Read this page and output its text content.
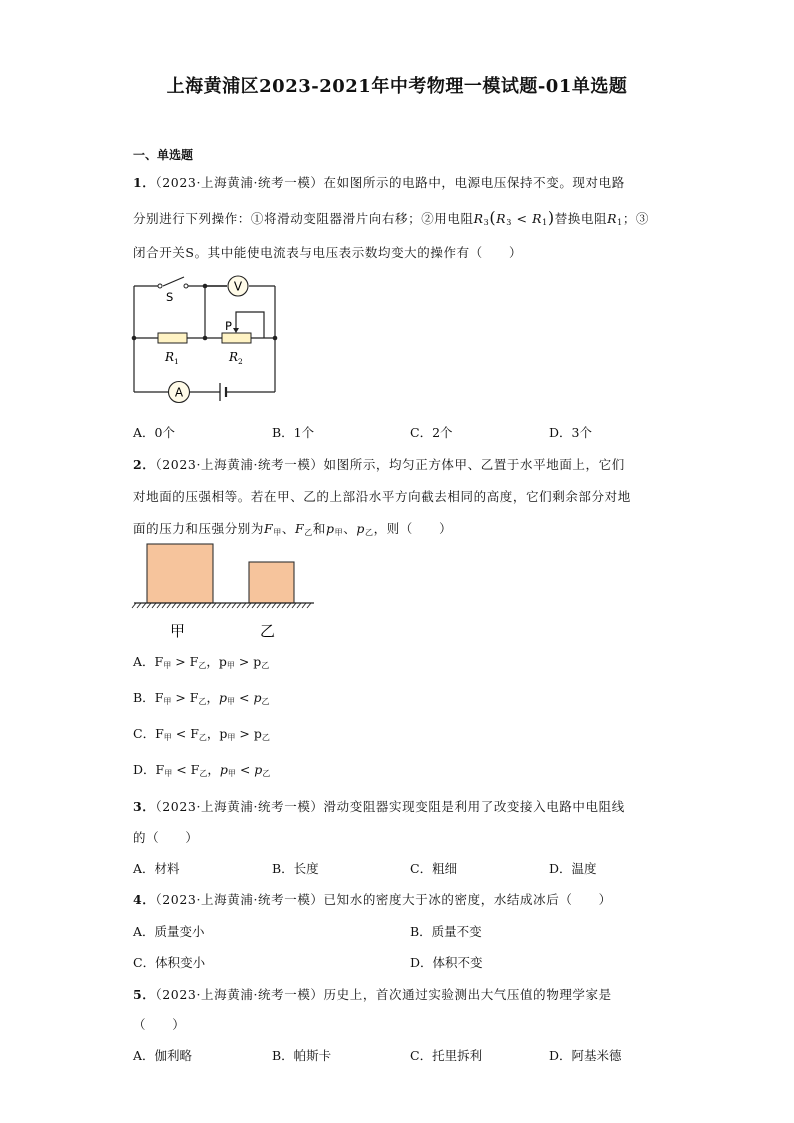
上海黄浦区2023-2021年中考物理一模试题-01单选题
一、单选题
1．（2023·上海黄浦·统考一模）在如图所示的电路中，电源电压保持不变。现对电路
分别进行下列操作：①将滑动变阻器滑片向右移；②用电阻$R_3(R_3 < R_1)$替换电阻$R_1$；③
闭合开关S。其中能使电流表与电压表示数均变大的操作有（　　）
V
A
S
P
R 1	R 2
A．0个	B．1个	C．2个	D．3个
2．（2023·上海黄浦·统考一模）如图所示，均匀正方体甲、乙置于水平地面上，它们
对地面的压强相等。若在甲、乙的上部沿水平方向截去相同的高度，它们剩余部分对地
面的压力和压强分别为$F_甲$、$F_乙$和$p_甲$、$p_乙$，则（　　）
甲	乙
A．$F_甲 > F_乙$，$p_甲 > p_乙$
B．$F_甲 > F_乙$，$p_甲 < p_乙$
C．$F_甲 < F_乙$，$p_甲 > p_乙$
D．$F_甲 < F_乙$，$p_甲 < p_乙$
3．（2023·上海黄浦·统考一模）滑动变阻器实现变阻是利用了改变接入电路中电阻线
的（　　）
A．材料	B．长度	C．粗细	D．温度
4．（2023·上海黄浦·统考一模）已知水的密度大于冰的密度，水结成冰后（　　）
A．质量变小	B．质量不变
C．体积变小	D．体积不变
5．（2023·上海黄浦·统考一模）历史上，首次通过实验测出大气压值的物理学家是
（　　）
A．伽利略	B．帕斯卡	C．托里拆利	D．阿基米德
